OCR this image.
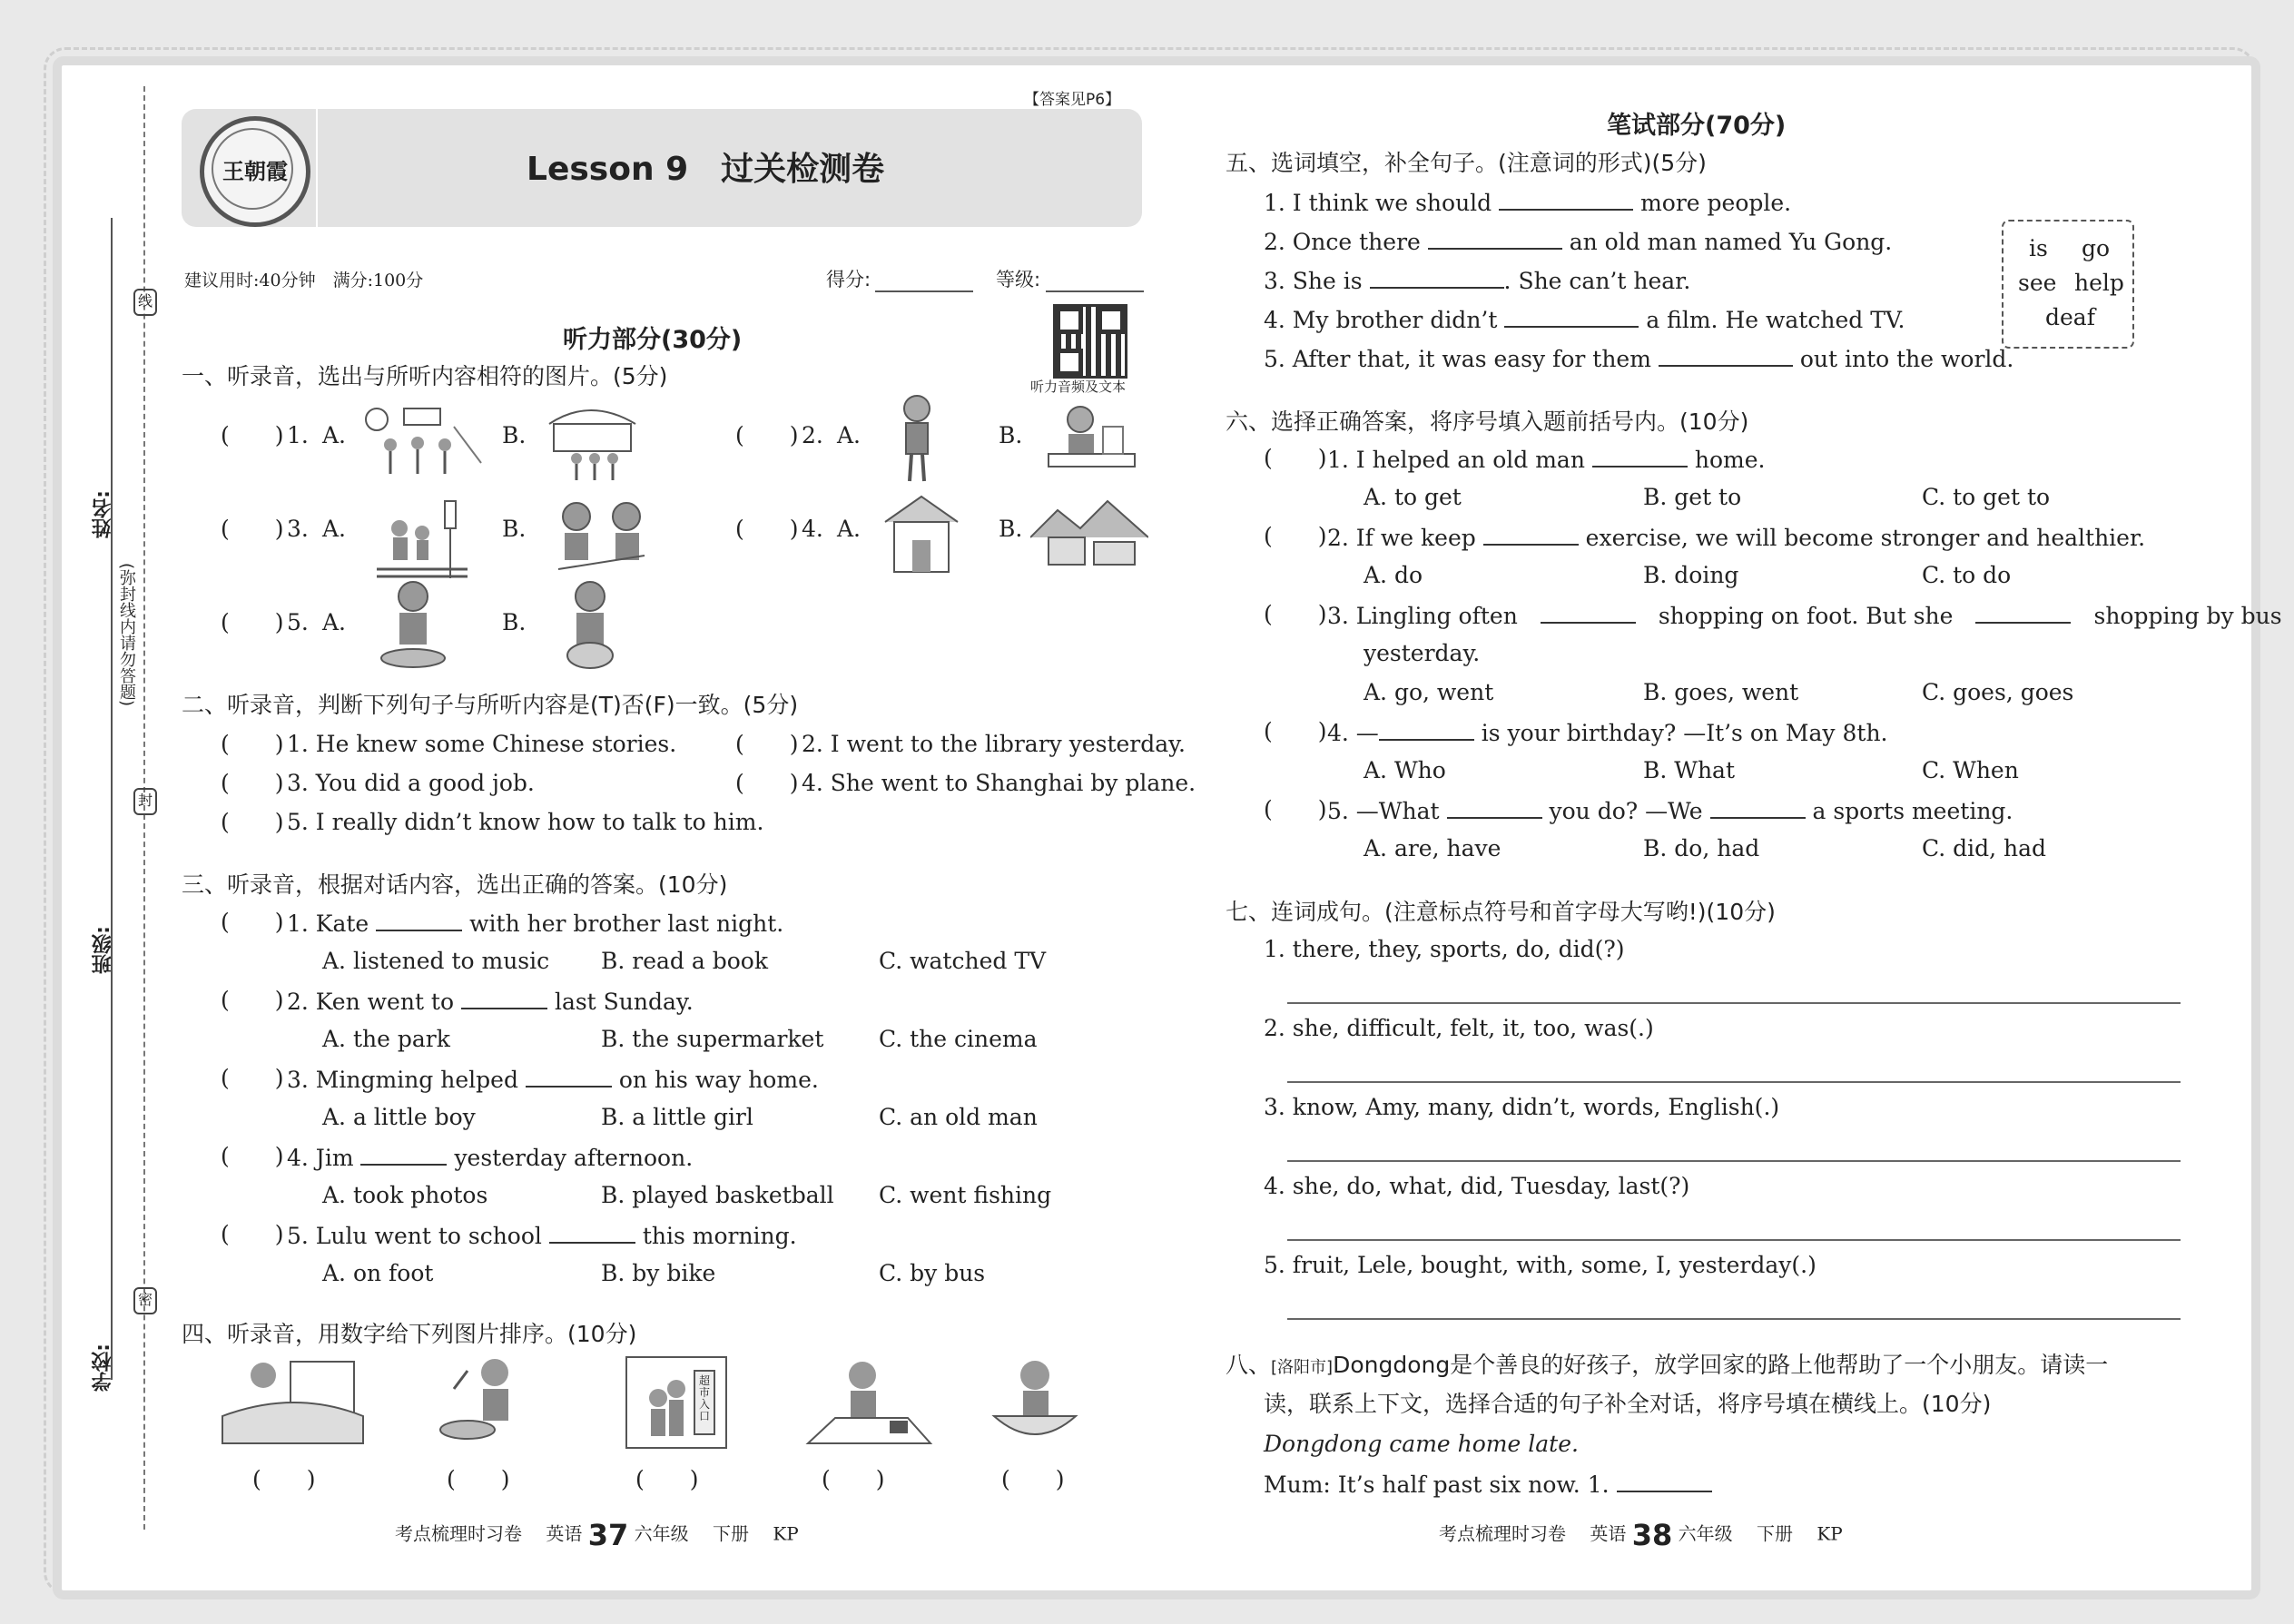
线
封
密
(弥封线内请勿答题)
姓名:
班级:
学校:
【答案见P6】
王朝霞	Lesson 9　过关检测卷
建议用时:40分钟　满分:100分	得分:	等级:
听力音频及文本
听力部分(30分)
一、听录音，选出与所听内容相符的图片。(5分)
(　　) 1. A.	B.	(　　) 2. A.	B.
(　　) 3. A.	B.	(　　) 4. A.	B.
(　　) 5. A.	B.
二、听录音，判断下列句子与所听内容是(T)否(F)一致。(5分)
(　　) 1. He knew some Chinese stories.	(　　) 2. I went to the library yesterday.
(　　) 3. You did a good job.	(　　) 4. She went to Shanghai by plane.
(　　) 5. I really didn’t know how to talk to him.
三、听录音，根据对话内容，选出正确的答案。(10分)
(　　) 1. Kate	with her brother last night.
A. listened to music B. read a book	C. watched TV
(　　) 2. Ken went to	last Sunday.
A. the park	B. the supermarket C. the cinema
(　　) 3. Mingming helped	on his way home.
A. a little boy	B. a little girl	C. an old man
(　　) 4. Jim	yesterday afternoon.
A. took photos	B. played basketball C. went fishing
(　　) 5. Lulu went to school	this morning.
A. on foot	B. by bike	C. by bus
四、听录音，用数字给下列图片排序。(10分)
超市入口
(　　)	(　　)	(　　)	(　　)	(　　)
考点梳理时习卷　 英语 37 六年级　 下册　 KP
笔试部分(70分)
五、选词填空，补全句子。(注意词的形式)(5分)
1. I think we should	more people.
2. Once there	an old man named Yu Gong.
3. She is	. She can’t hear.
4. My brother didn’t	a film. He watched TV.
5. After that, it was easy for them	out into the world.
is go
see help
deaf
六、选择正确答案，将序号填入题前括号内。(10分)
(　　) 1. I helped an old man	home.
A. to get	B. get to	C. to get to
(　　) 2. If we keep	exercise, we will become stronger and healthier.
A. do	B. doing	C. to do
(　　) 3. Lingling often　　	shopping on foot. But she　　	shopping by bus
yesterday.
A. go, went	B. goes, went	C. goes, goes
(　　) 4. —	is your birthday? —It’s on May 8th.
A. Who	B. What	C. When
(　　) 5. —What	you do? —We	a sports meeting.
A. are, have	B. do, had	C. did, had
七、连词成句。(注意标点符号和首字母大写哟!)(10分)
1. there, they, sports, do, did(?)
2. she, difficult, felt, it, too, was(.)
3. know, Amy, many, didn’t, words, English(.)
4. she, do, what, did, Tuesday, last(?)
5. fruit, Lele, bought, with, some, I, yesterday(.)
八、[洛阳市]Dongdong是个善良的好孩子，放学回家的路上他帮助了一个小朋友。请读一
读，联系上下文，选择合适的句子补全对话，将序号填在横线上。(10分)
Dongdong came home late.
Mum: It’s half past six now. 1.
考点梳理时习卷　 英语 38 六年级　 下册　 KP
